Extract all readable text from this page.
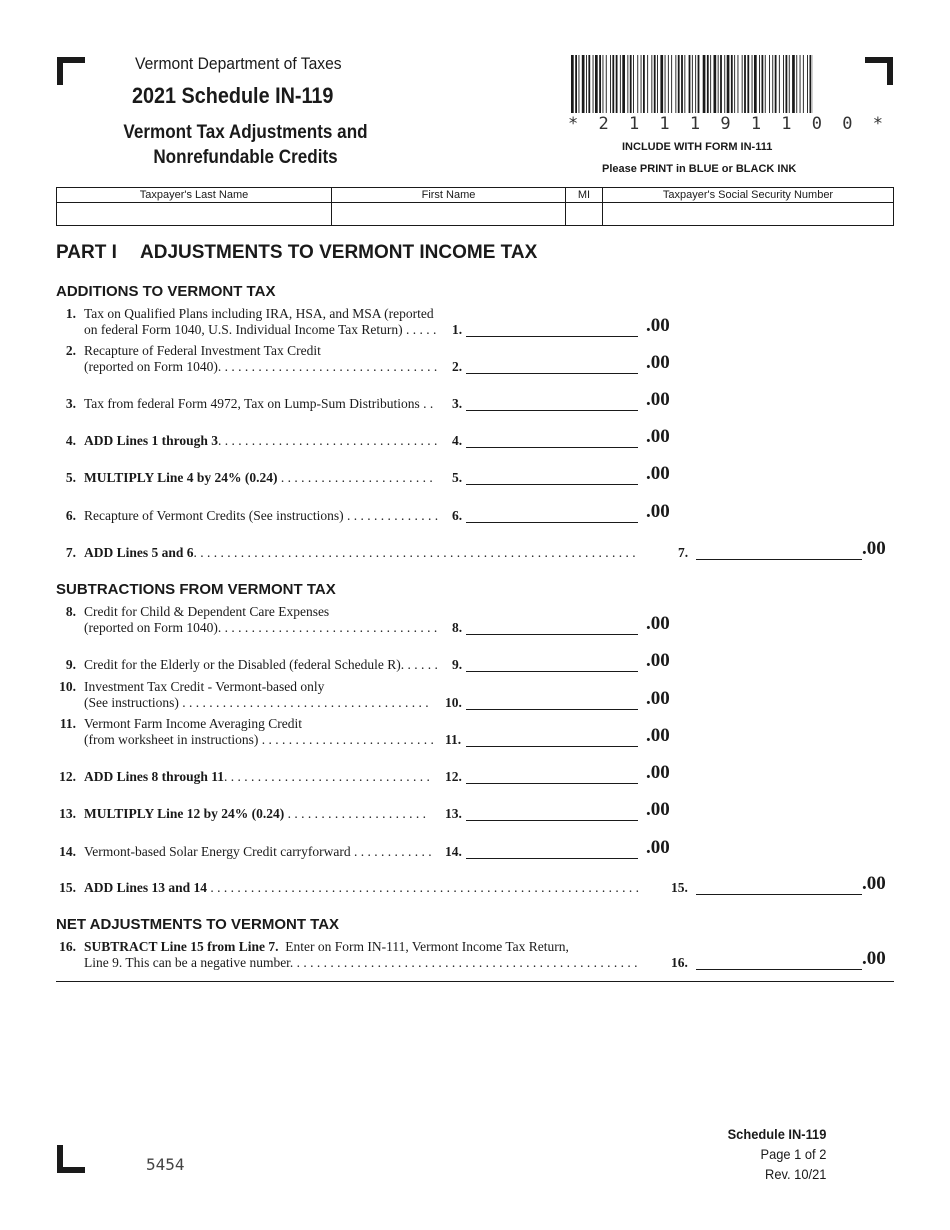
Vermont Department of Taxes
2021 Schedule IN-119
Vermont Tax Adjustments and
Nonrefundable Credits
* 2 1 1 1 9 1 1 0 0 *
INCLUDE WITH FORM IN-111
Please PRINT in BLUE or BLACK INK
Taxpayer's Last Name	First Name	MI	Taxpayer's Social Security Number

PART I ADJUSTMENTS TO VERMONT INCOME TAX
ADDITIONS TO VERMONT TAX
1. Tax on Qualified Plans including IRA, HSA, and MSA (reported
on federal Form 1040, U.S. Individual Income Tax Return) . . . . . 1.	.00
2. Recapture of Federal Investment Tax Credit
(reported on Form 1040). . . . . . . . . . . . . . . . . . . . . . . . . . . . . . . . . 2.	.00
3. Tax from federal Form 4972, Tax on Lump-Sum Distributions . . 3.	.00
4. ADD Lines 1 through 3. . . . . . . . . . . . . . . . . . . . . . . . . . . . . . . . . 4.	.00
5. MULTIPLY Line 4 by 24% (0.24) . . . . . . . . . . . . . . . . . . . . . . . 5.	.00
6. Recapture of Vermont Credits (See instructions) . . . . . . . . . . . . . . 6.	.00
7. ADD Lines 5 and 6. . . . . . . . . . . . . . . . . . . . . . . . . . . . . . . . . . . . . . . . . . . . . . . . . . . . . . . . . . . . . . . . . .	7.	.00
SUBTRACTIONS FROM VERMONT TAX
8. Credit for Child & Dependent Care Expenses
(reported on Form 1040). . . . . . . . . . . . . . . . . . . . . . . . . . . . . . . . . 8.	.00
9. Credit for the Elderly or the Disabled (federal Schedule R). . . . . . 9.	.00
10. Investment Tax Credit - Vermont-based only
(See instructions) . . . . . . . . . . . . . . . . . . . . . . . . . . . . . . . . . . . . . 10.	.00
11. Vermont Farm Income Averaging Credit
(from worksheet in instructions) . . . . . . . . . . . . . . . . . . . . . . . . . . 11.	.00
12. ADD Lines 8 through 11. . . . . . . . . . . . . . . . . . . . . . . . . . . . . . . 12.	.00
13. MULTIPLY Line 12 by 24% (0.24) . . . . . . . . . . . . . . . . . . . . . 13.	.00
14. Vermont-based Solar Energy Credit carryforward . . . . . . . . . . . . 14.	.00
15. ADD Lines 13 and 14 . . . . . . . . . . . . . . . . . . . . . . . . . . . . . . . . . . . . . . . . . . . . . . . . . . . . . . . . . . . . . . . . 15.	.00
NET ADJUSTMENTS TO VERMONT TAX
16. SUBTRACT Line 15 from Line 7.  Enter on Form IN-111, Vermont Income Tax Return,
Line 9. This can be a negative number. . . . . . . . . . . . . . . . . . . . . . . . . . . . . . . . . . . . . . . . . . . . . . . . . . . . 16.	.00
Schedule IN-119
Page 1 of 2
Rev. 10/21
5454
